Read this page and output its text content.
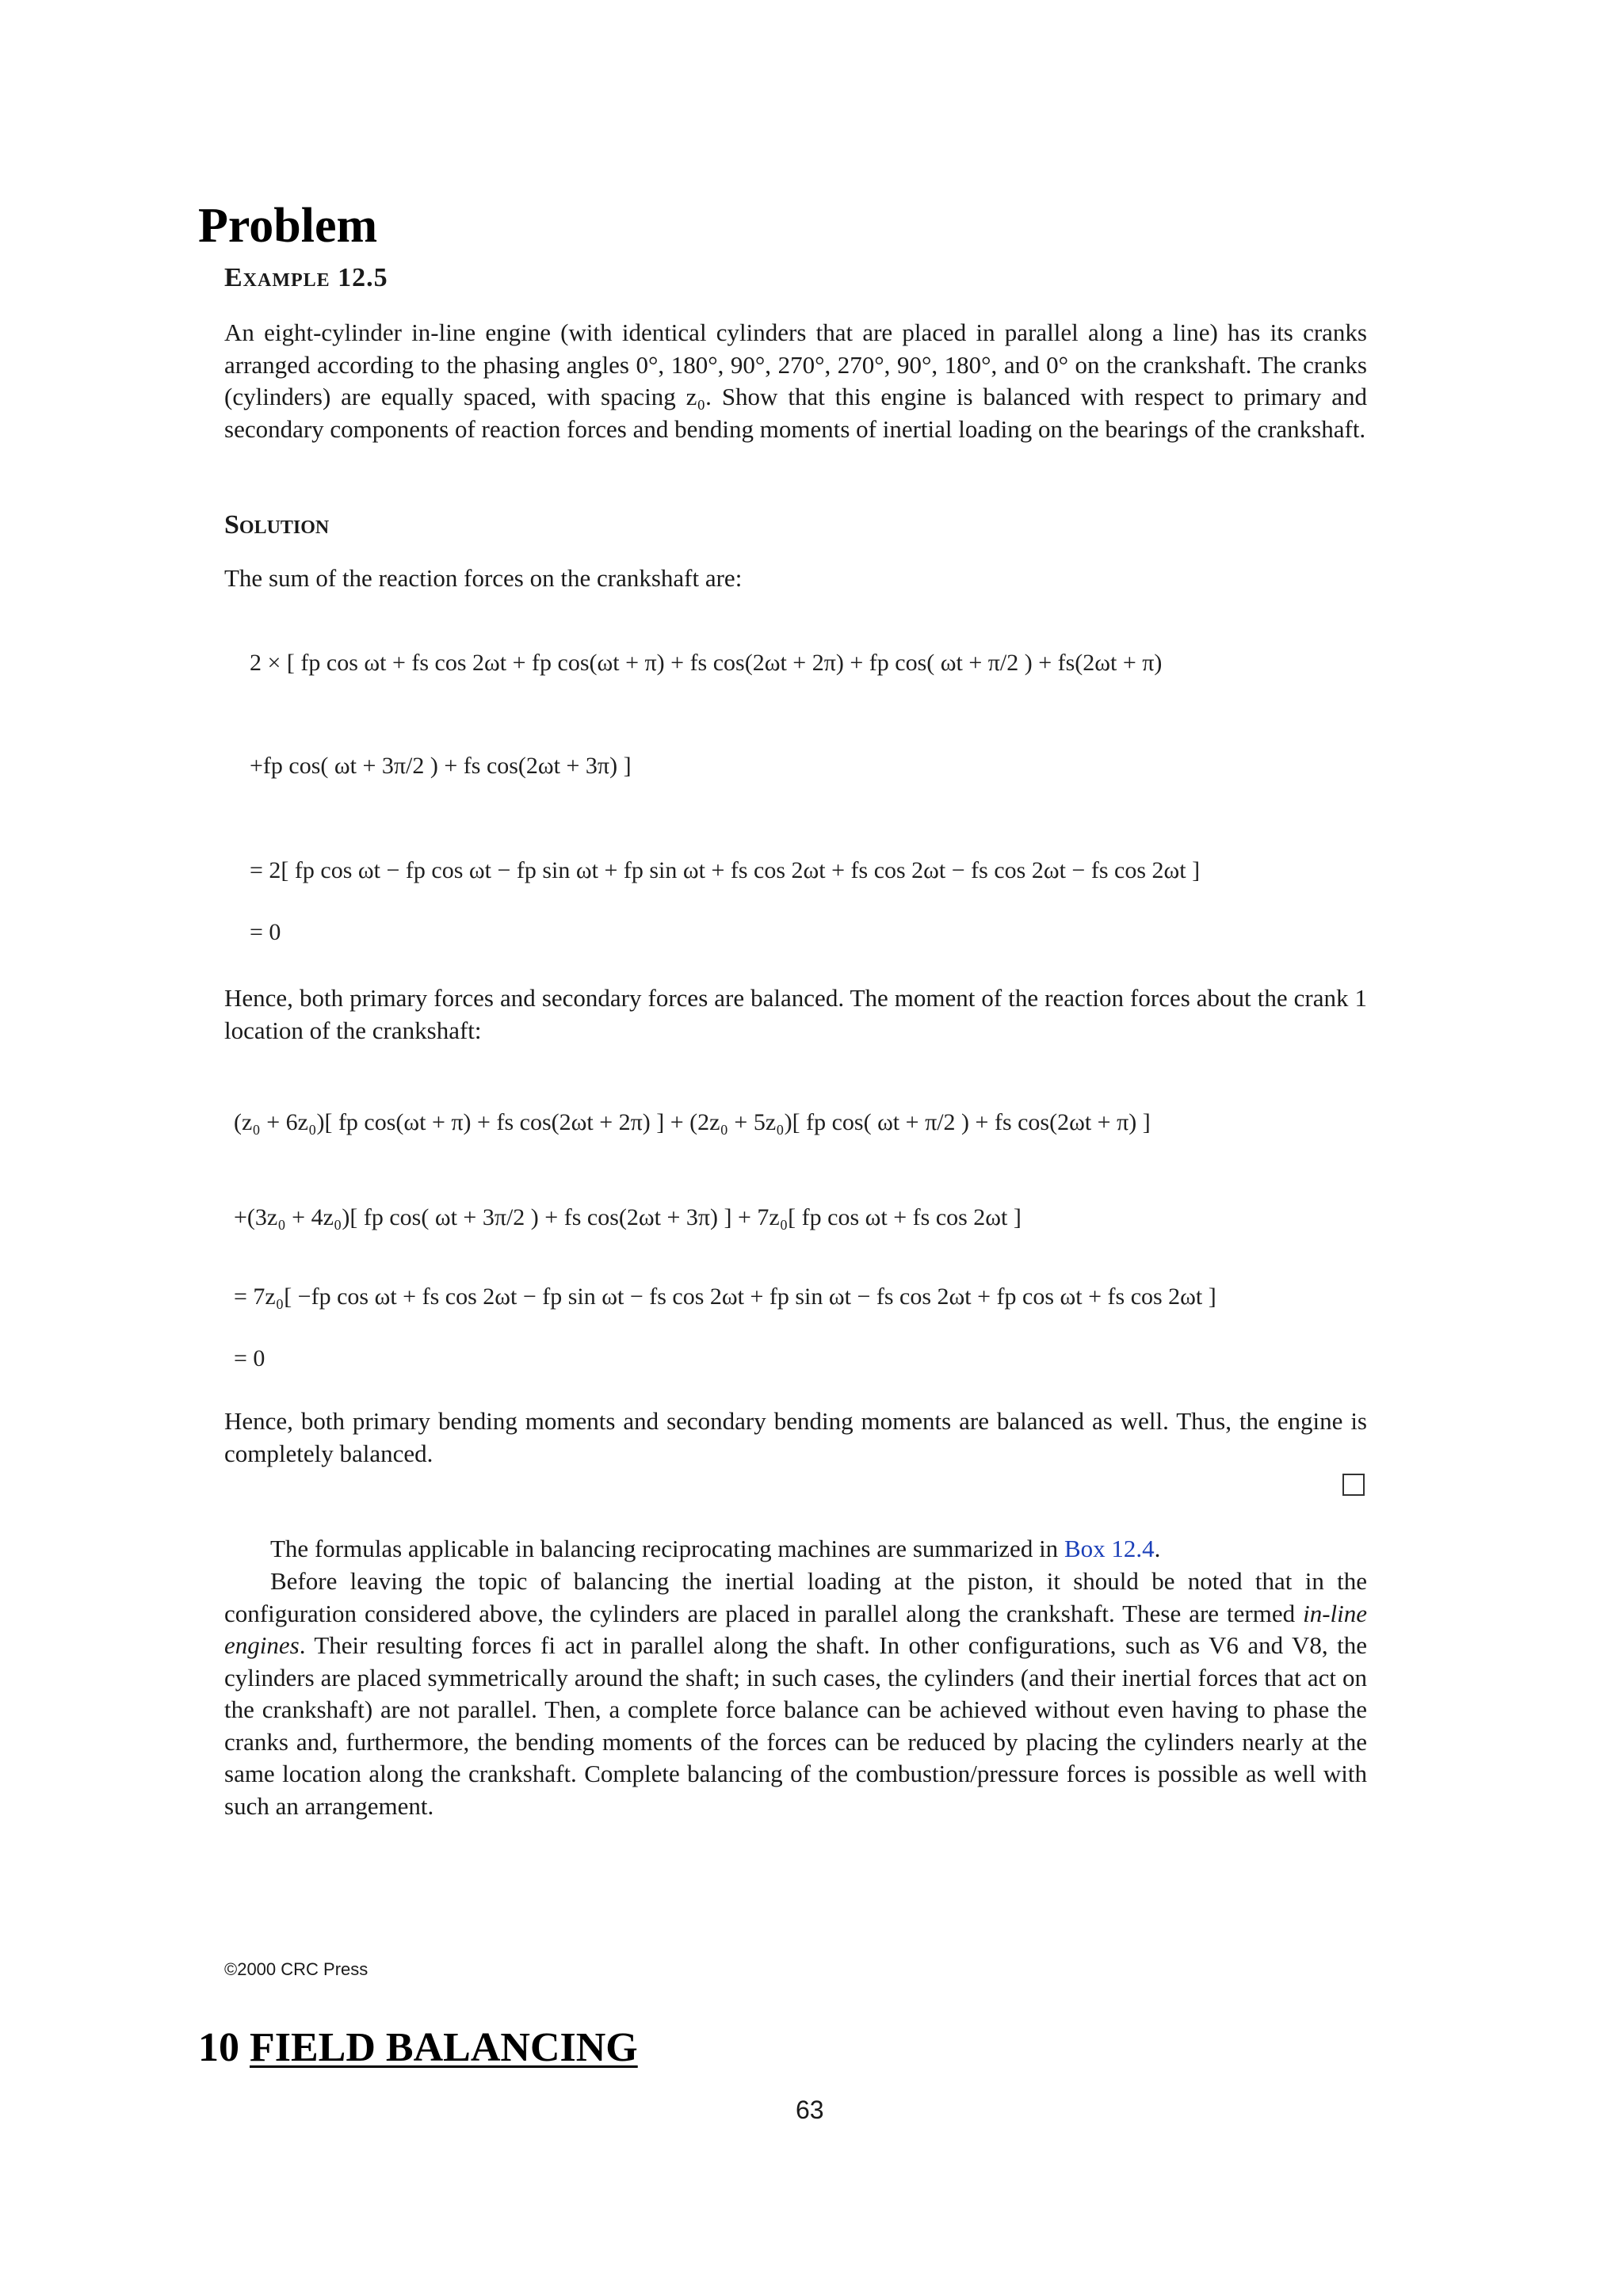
Problem
Example 12.5
An eight-cylinder in-line engine (with identical cylinders that are placed in parallel along a line) has its cranks arranged according to the phasing angles 0°, 180°, 90°, 270°, 270°, 90°, 180°, and 0° on the crankshaft. The cranks (cylinders) are equally spaced, with spacing z₀. Show that this engine is balanced with respect to primary and secondary components of reaction forces and bending moments of inertial loading on the bearings of the crankshaft.
Solution
The sum of the reaction forces on the crankshaft are:
2 × [ fp cos ωt + fs cos 2ωt + fp cos(ωt + π) + fs cos(2ωt + 2π) + fp cos( ωt + π/2 ) + fs(2ωt + π)
+fp cos( ωt + 3π/2 ) + fs cos(2ωt + 3π) ]
= 2[ fp cos ωt − fp cos ωt − fp sin ωt + fp sin ωt + fs cos 2ωt + fs cos 2ωt − fs cos 2ωt − fs cos 2ωt ]
= 0
Hence, both primary forces and secondary forces are balanced. The moment of the reaction forces about the crank 1 location of the crankshaft:
(z₀ + 6z₀)[ fp cos(ωt + π) + fs cos(2ωt + 2π) ] + (2z₀ + 5z₀)[ fp cos( ωt + π/2 ) + fs cos(2ωt + π) ]
+(3z₀ + 4z₀)[ fp cos( ωt + 3π/2 ) + fs cos(2ωt + 3π) ] + 7z₀[ fp cos ωt + fs cos 2ωt ]
= 7z₀[ −fp cos ωt + fs cos 2ωt − fp sin ωt − fs cos 2ωt + fp sin ωt − fs cos 2ωt + fp cos ωt + fs cos 2ωt ]
= 0
Hence, both primary bending moments and secondary bending moments are balanced as well. Thus, the engine is completely balanced.
The formulas applicable in balancing reciprocating machines are summarized in Box 12.4.
Before leaving the topic of balancing the inertial loading at the piston, it should be noted that in the configuration considered above, the cylinders are placed in parallel along the crankshaft. These are termed in-line engines. Their resulting forces fi act in parallel along the shaft. In other configurations, such as V6 and V8, the cylinders are placed symmetrically around the shaft; in such cases, the cylinders (and their inertial forces that act on the crankshaft) are not parallel. Then, a complete force balance can be achieved without even having to phase the cranks and, furthermore, the bending moments of the forces can be reduced by placing the cylinders nearly at the same location along the crankshaft. Complete balancing of the combustion/pressure forces is possible as well with such an arrangement.
©2000 CRC Press
10 FIELD BALANCING
63
